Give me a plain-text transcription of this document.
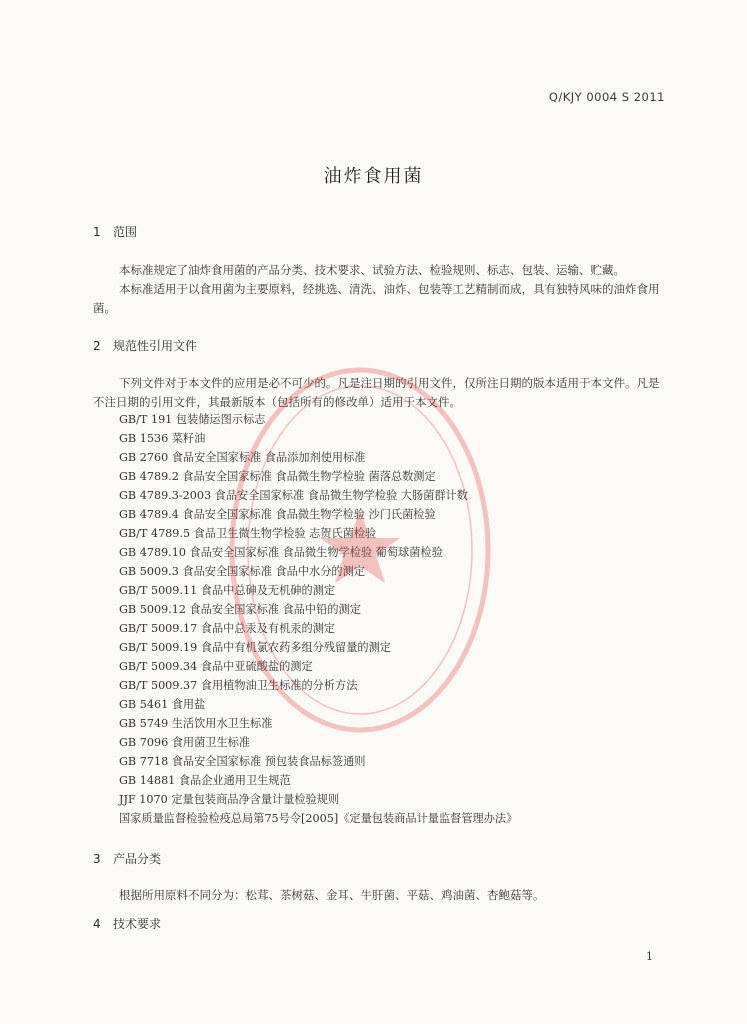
Q/KJY 0004 S 2011
油炸食用菌
1 范围
本标准规定了油炸食用菌的产品分类、技术要求、试验方法、检验规则、标志、包装、运输、贮藏。
本标准适用于以食用菌为主要原料，经挑选、清洗、油炸、包装等工艺精制而成，具有独特风味的油炸食用菌。
2 规范性引用文件
下列文件对于本文件的应用是必不可少的。凡是注日期的引用文件，仅所注日期的版本适用于本文件。凡是不注日期的引用文件，其最新版本（包括所有的修改单）适用于本文件。
GB/T 191 包装储运图示标志
GB 1536 菜籽油
GB 2760 食品安全国家标准 食品添加剂使用标准
GB 4789.2 食品安全国家标准 食品微生物学检验 菌落总数测定
GB 4789.3-2003 食品安全国家标准 食品微生物学检验 大肠菌群计数
GB 4789.4 食品安全国家标准 食品微生物学检验 沙门氏菌检验
GB/T 4789.5 食品卫生微生物学检验 志贺氏菌检验
GB 4789.10 食品安全国家标准 食品微生物学检验 葡萄球菌检验
GB 5009.3 食品安全国家标准 食品中水分的测定
GB/T 5009.11 食品中总砷及无机砷的测定
GB 5009.12 食品安全国家标准 食品中铅的测定
GB/T 5009.17 食品中总汞及有机汞的测定
GB/T 5009.19 食品中有机氯农药多组分残留量的测定
GB/T 5009.34 食品中亚硫酸盐的测定
GB/T 5009.37 食用植物油卫生标准的分析方法
GB 5461 食用盐
GB 5749 生活饮用水卫生标准
GB 7096 食用菌卫生标准
GB 7718 食品安全国家标准 预包装食品标签通则
GB 14881 食品企业通用卫生规范
JJF 1070 定量包装商品净含量计量检验规则
国家质量监督检验检疫总局第75号令[2005]《定量包装商品计量监督管理办法》
3 产品分类
根据所用原料不同分为：松茸、茶树菇、金耳、牛肝菌、平菇、鸡油菌、杏鲍菇等。
4 技术要求
1
